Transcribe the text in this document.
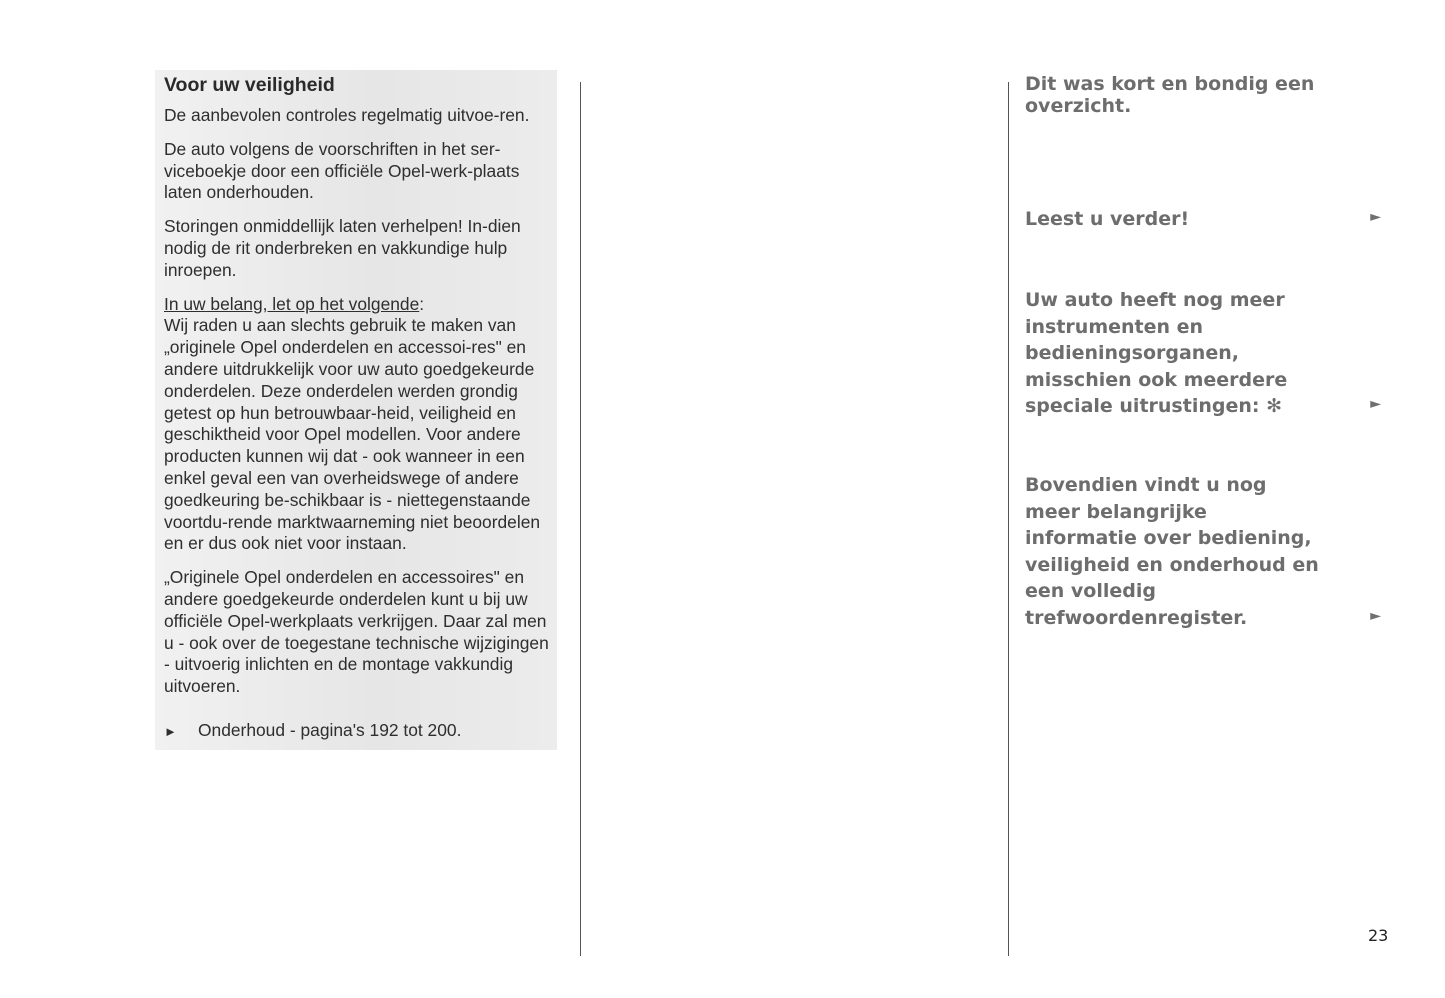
Voor uw veiligheid

De aanbevolen controles regelmatig uitvoe-ren.

De auto volgens de voorschriften in het ser-viceboekje door een officiële Opel-werk-plaats laten onderhouden.

Storingen onmiddellijk laten verhelpen! In-dien nodig de rit onderbreken en vakkundige hulp inroepen.

In uw belang, let op het volgende:
Wij raden u aan slechts gebruik te maken van „originele Opel onderdelen en accessoi-res" en andere uitdrukkelijk voor uw auto goedgekeurde onderdelen. Deze onderdelen werden grondig getest op hun betrouwbaar-heid, veiligheid en geschiktheid voor Opel modellen. Voor andere producten kunnen wij dat - ook wanneer in een enkel geval een van overheidswege of andere goedkeuring be-schikbaar is - niettegenstaande voortdu-rende marktwaarneming niet beoordelen en er dus ook niet voor instaan.

„Originele Opel onderdelen en accessoires" en andere goedgekeurde onderdelen kunt u bij uw officiële Opel-werkplaats verkrijgen. Daar zal men u - ook over de toegestane technische wijzigingen - uitvoerig inlichten en de montage vakkundig uitvoeren.

►	Onderhoud - pagina's 192 tot 200.
Dit was kort en bondig een overzicht.
Leest u verder!	►
Uw auto heeft nog meer instrumenten en bedieningsorganen, misschien ook meerdere speciale uitrustingen: ✻	►
Bovendien vindt u nog meer belangrijke informatie over bediening, veiligheid en onderhoud en een volledig trefwoordenregister.	►
23
